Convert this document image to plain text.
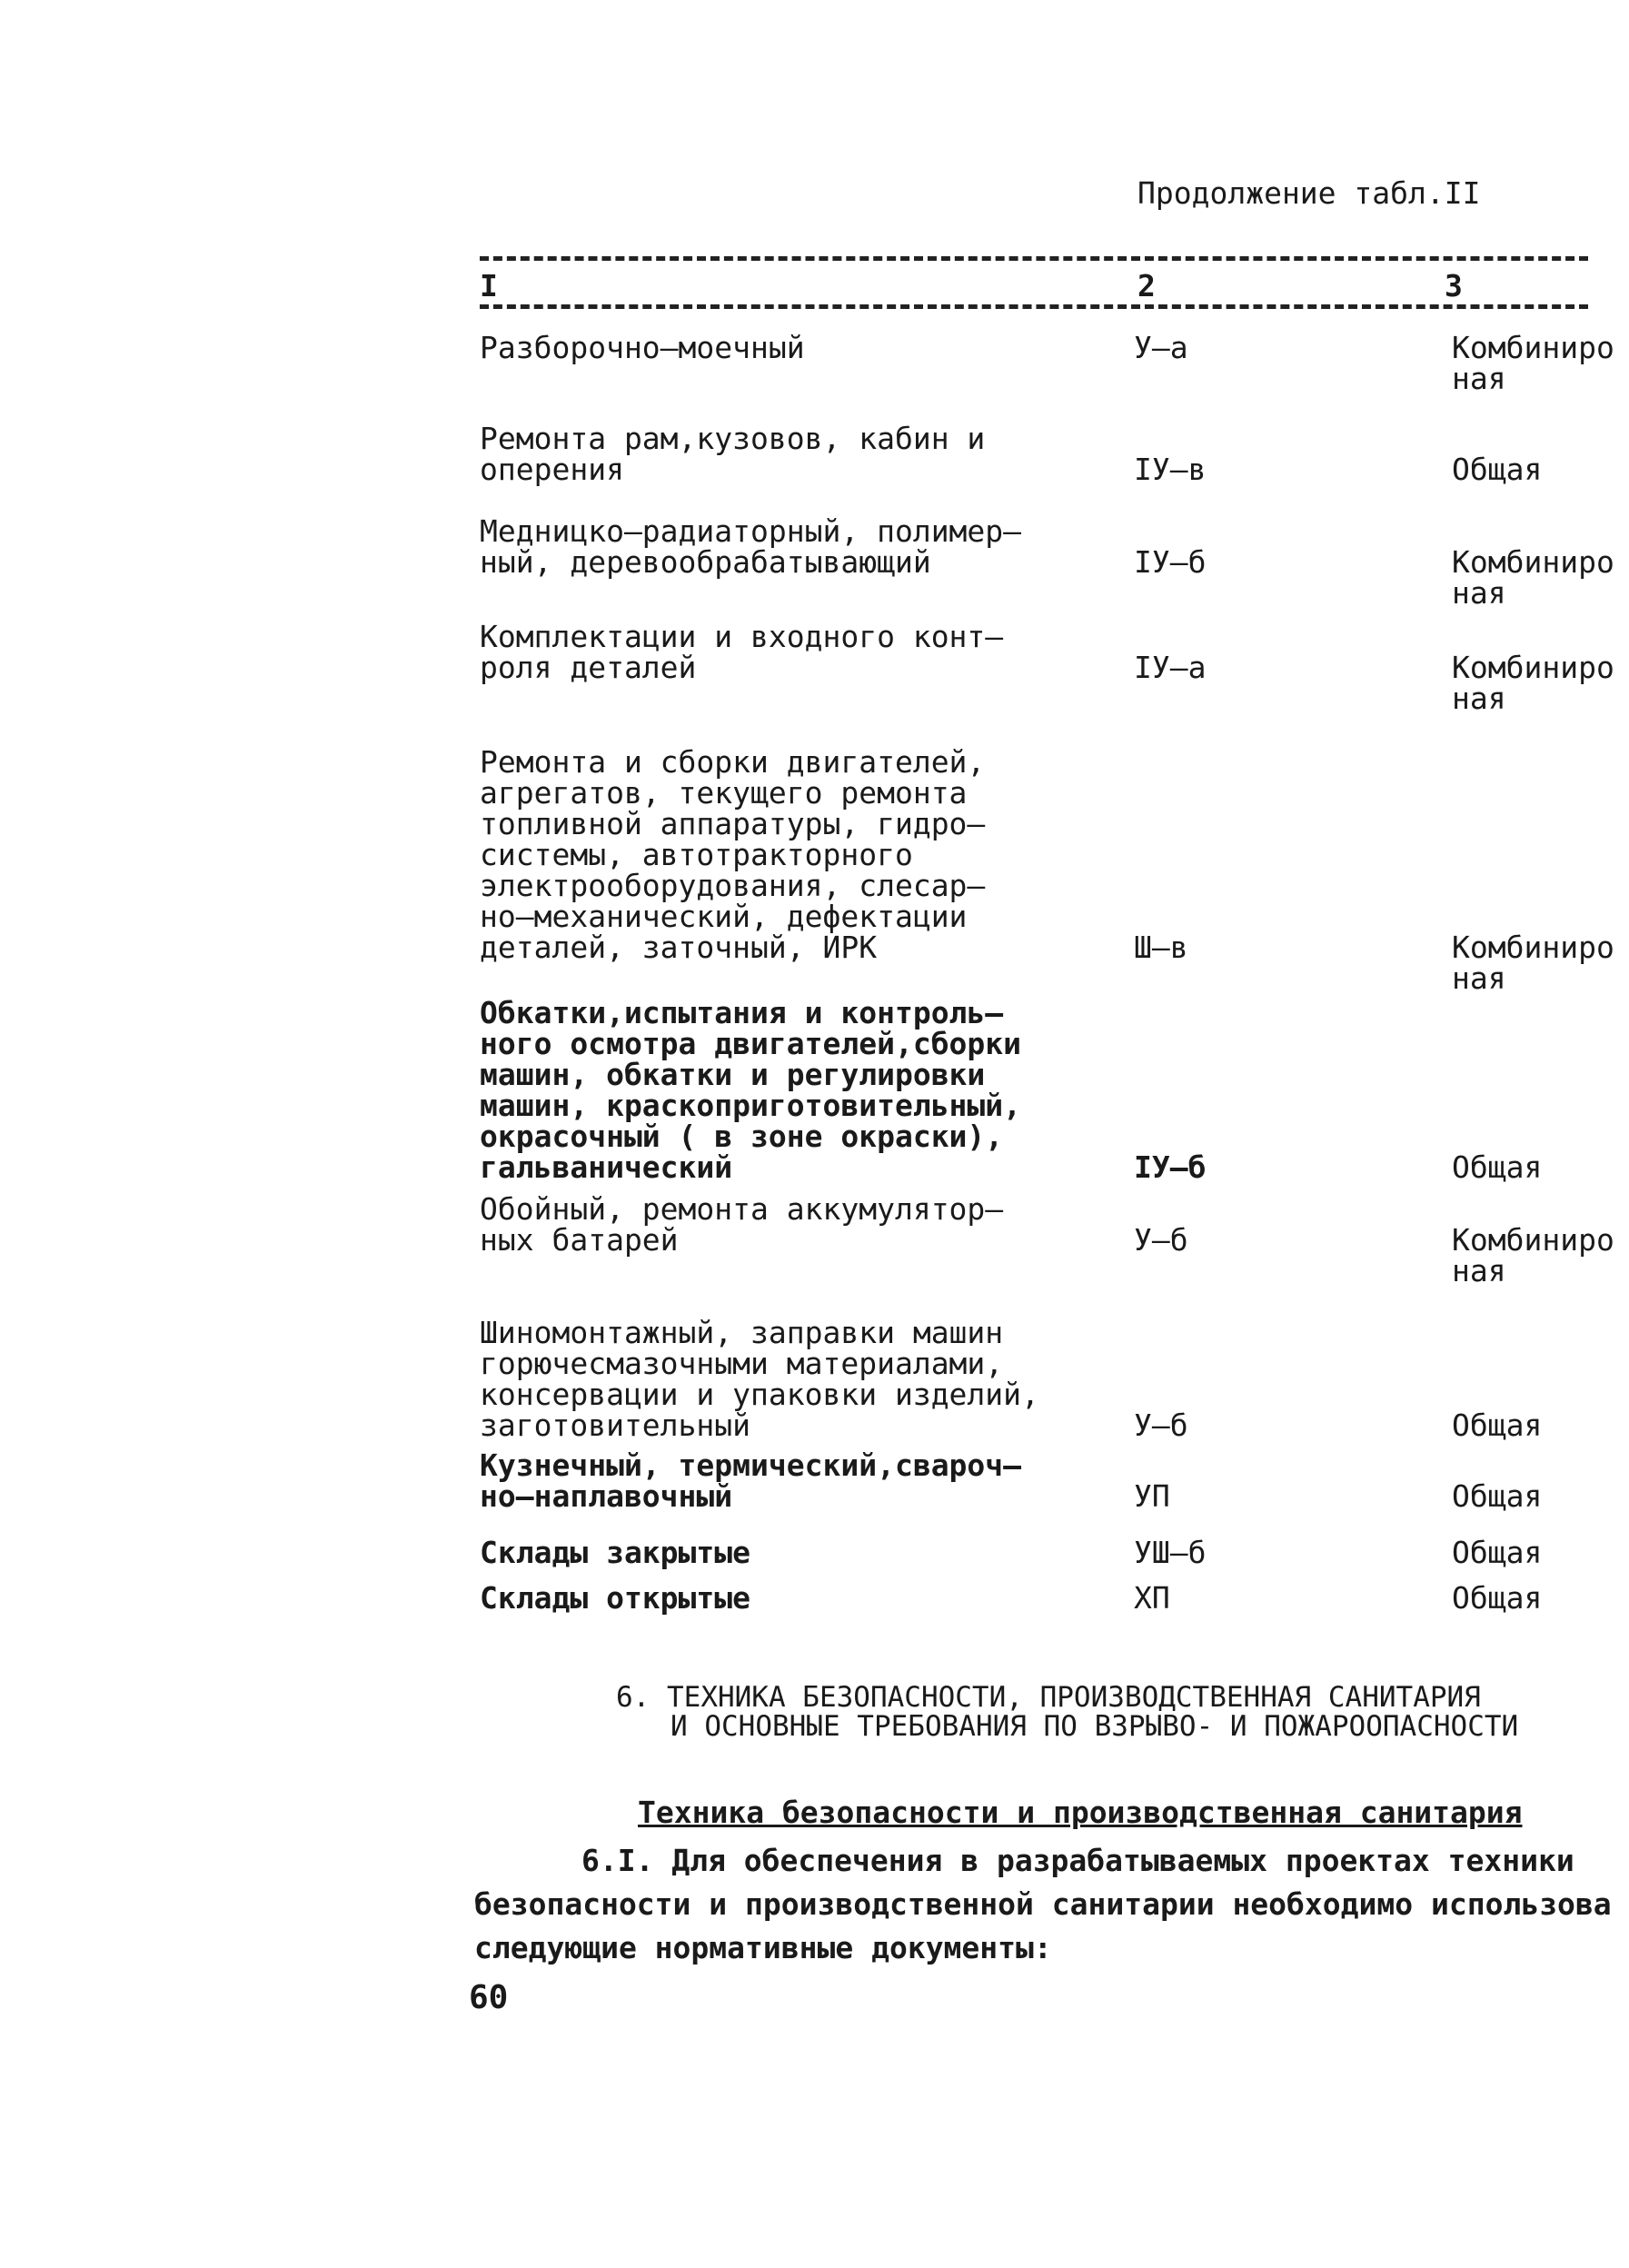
Продолжение табл.II
I	2	3
Разборочно–моечный	У–а	Комбиниро
ная
Ремонта рам,кузовов, кабин и
оперения	IУ–в	Общая
Медницко–радиаторный, полимер–
ный, деревообрабатывающий	IУ–б	Комбиниро
ная
Комплектации и входного конт–
роля деталей	IУ–а	Комбиниро
ная
Ремонта и сборки двигателей,
агрегатов, текущего ремонта
топливной аппаратуры, гидро–
системы, автотракторного
электрооборудования, слесар–
но–механический, дефектации
деталей, заточный, ИРК	Ш–в	Комбиниро
ная
Обкатки,испытания и контроль–
ного осмотра двигателей,сборки
машин, обкатки и регулировки
машин, краскоприготовительный,
окрасочный ( в зоне окраски),
гальванический	IУ–б	Общая
Обойный, ремонта аккумулятор–
ных батарей	У–б	Комбиниро
ная
Шиномонтажный, заправки машин
горючесмазочными материалами,
консервации и упаковки изделий,
заготовительный	У–б	Общая
Кузнечный, термический,свароч–
но–наплавочный	УП	Общая
Склады закрытые	УШ–б	Общая
Склады открытые	ХП	Общая
6. ТЕХНИКА БЕЗОПАСНОСТИ, ПРОИЗВОДСТВЕННАЯ САНИТАРИЯ
И ОСНОВНЫЕ ТРЕБОВАНИЯ ПО ВЗРЫВО- И ПОЖАРООПАСНОСТИ
Техника безопасности и производственная санитария
6.I. Для обеспечения в разрабатываемых проектах техники
безопасности и производственной санитарии необходимо использова
следующие нормативные документы:
60
